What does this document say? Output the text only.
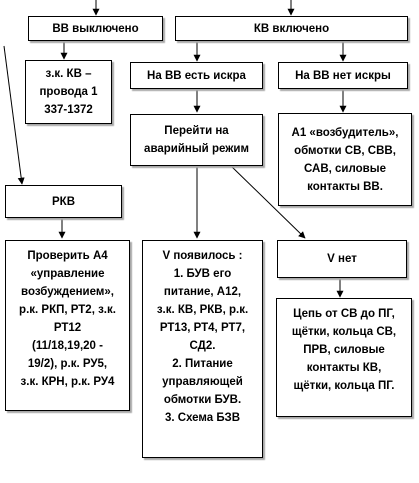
ВВ выключено	КВ включено
з.к. КВ –
провода 1
337-1372
На ВВ есть искра	На ВВ нет искры
Перейти на
аварийный режим
А1 «возбудитель»,
обмотки СВ, СВВ,
САВ, силовые
контакты ВВ.
РКВ
Проверить А4
«управление
возбуждением»,
р.к. РКП, РТ2, з.к.
РТ12
(11/18,19,20 -
19/2), р.к. РУ5,
з.к. КРН, р.к. РУ4
V появилось :
1. БУВ его
питание, А12,
з.к. КВ, РКВ, р.к.
РТ13, РТ4, РТ7,
СД2.
2. Питание
управляющей
обмотки БУВ.
3. Схема БЗВ
V нет
Цепь от СВ до ПГ,
щётки, кольца СВ,
ПРВ, силовые
контакты КВ,
щётки, кольца ПГ.
